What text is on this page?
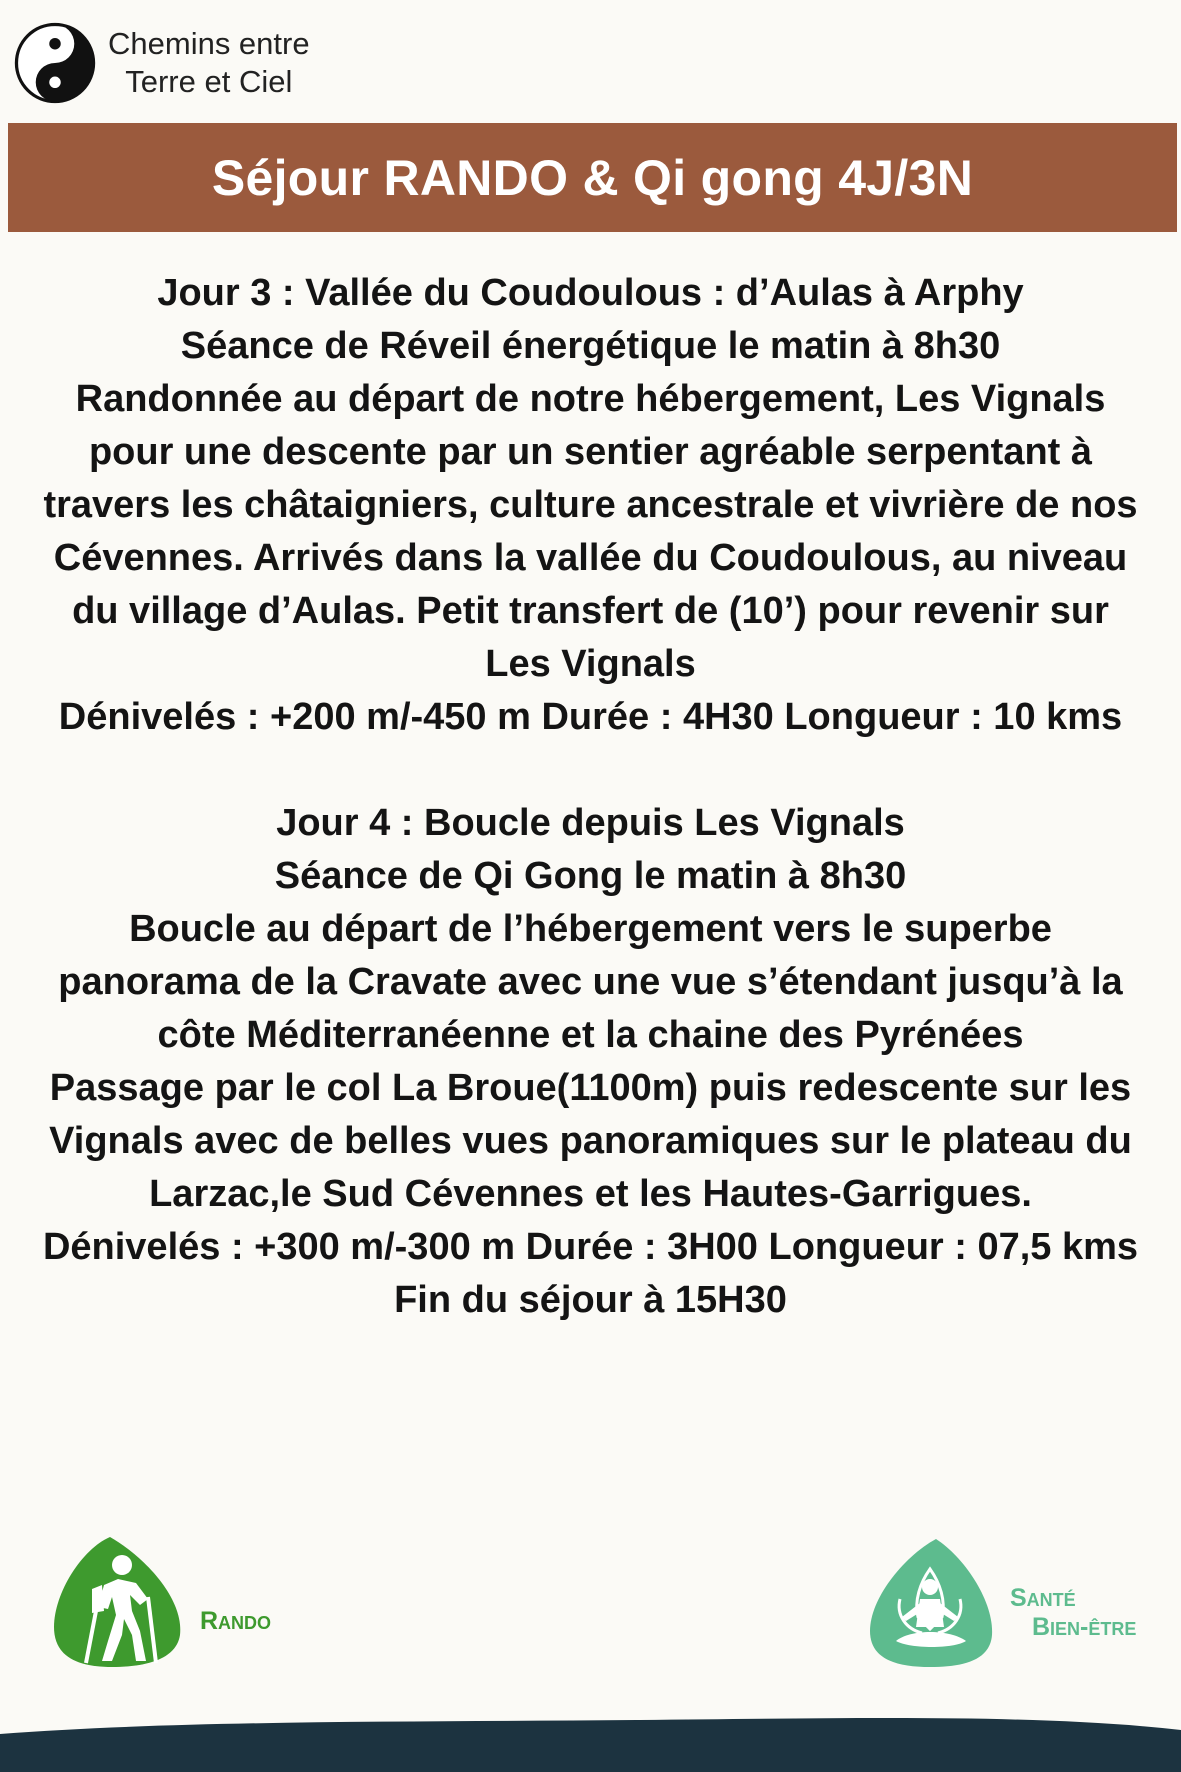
Chemins entre
Terre et Ciel
Séjour RANDO & Qi gong 4J/3N

Jour 3 : Vallée du Coudoulous : d’Aulas à Arphy

Séance de Réveil énergétique le matin à 8h30

Randonnée au départ de notre hébergement, Les Vignals pour une descente par un sentier agréable serpentant à travers les châtaigniers, culture ancestrale et vivrière de nos Cévennes. Arrivés dans la vallée du Coudoulous, au niveau du village d’Aulas. Petit transfert de (10’) pour revenir sur Les Vignals

Dénivelés : +200 m/-450 m Durée : 4H30 Longueur : 10 kms

Jour 4 : Boucle depuis Les Vignals

Séance de Qi Gong le matin à 8h30

Boucle au départ de l’hébergement vers le superbe panorama de la Cravate avec une vue s’étendant jusqu’à la côte Méditerranéenne et la chaine des Pyrénées

Passage par le col La Broue(1100m) puis redescente sur les Vignals avec de belles vues panoramiques sur le plateau du Larzac,le Sud Cévennes et les Hautes-Garrigues.

Dénivelés : +300 m/-300 m Durée : 3H00 Longueur : 07,5 kms

Fin du séjour à 15H30

Rando
Santé
Bien-être
